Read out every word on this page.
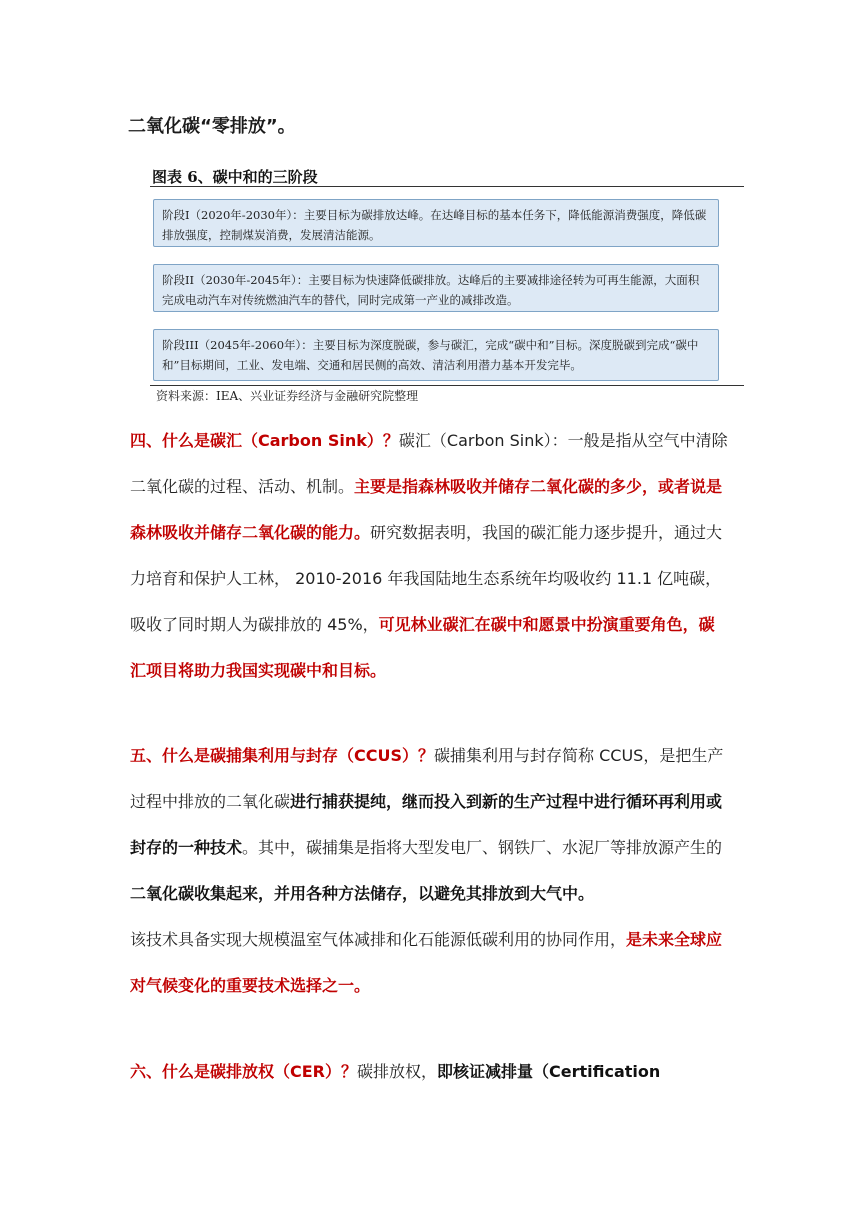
二氧化碳“零排放”。
图表 6、碳中和的三阶段
阶段I（2020年-2030年）：主要目标为碳排放达峰。在达峰目标的基本任务下，降低能源消费强度，降低碳排放强度，控制煤炭消费，发展清洁能源。
阶段II（2030年-2045年）：主要目标为快速降低碳排放。达峰后的主要减排途径转为可再生能源，大面积完成电动汽车对传统燃油汽车的替代，同时完成第一产业的减排改造。
阶段III（2045年-2060年）：主要目标为深度脱碳，参与碳汇，完成“碳中和”目标。深度脱碳到完成“碳中和”目标期间，工业、发电端、交通和居民侧的高效、清洁利用潜力基本开发完毕。
资料来源：IEA、兴业证券经济与金融研究院整理

四、什么是碳汇（Carbon Sink）？碳汇（Carbon Sink）：一般是指从空气中清除二氧化碳的过程、活动、机制。主要是指森林吸收并储存二氧化碳的多少，或者说是森林吸收并储存二氧化碳的能力。研究数据表明，我国的碳汇能力逐步提升，通过大力培育和保护人工林， 2010-2016 年我国陆地生态系统年均吸收约 11.1 亿吨碳，吸收了同时期人为碳排放的 45%，可见林业碳汇在碳中和愿景中扮演重要角色，碳汇项目将助力我国实现碳中和目标。

五、什么是碳捕集利用与封存（CCUS）？碳捕集利用与封存简称 CCUS，是把生产过程中排放的二氧化碳进行捕获提纯，继而投入到新的生产过程中进行循环再利用或封存的一种技术。其中，碳捕集是指将大型发电厂、钢铁厂、水泥厂等排放源产生的二氧化碳收集起来，并用各种方法储存，以避免其排放到大气中。

该技术具备实现大规模温室气体减排和化石能源低碳利用的协同作用，是未来全球应对气候变化的重要技术选择之一。

六、什么是碳排放权（CER）？碳排放权，即核证减排量（Certification
